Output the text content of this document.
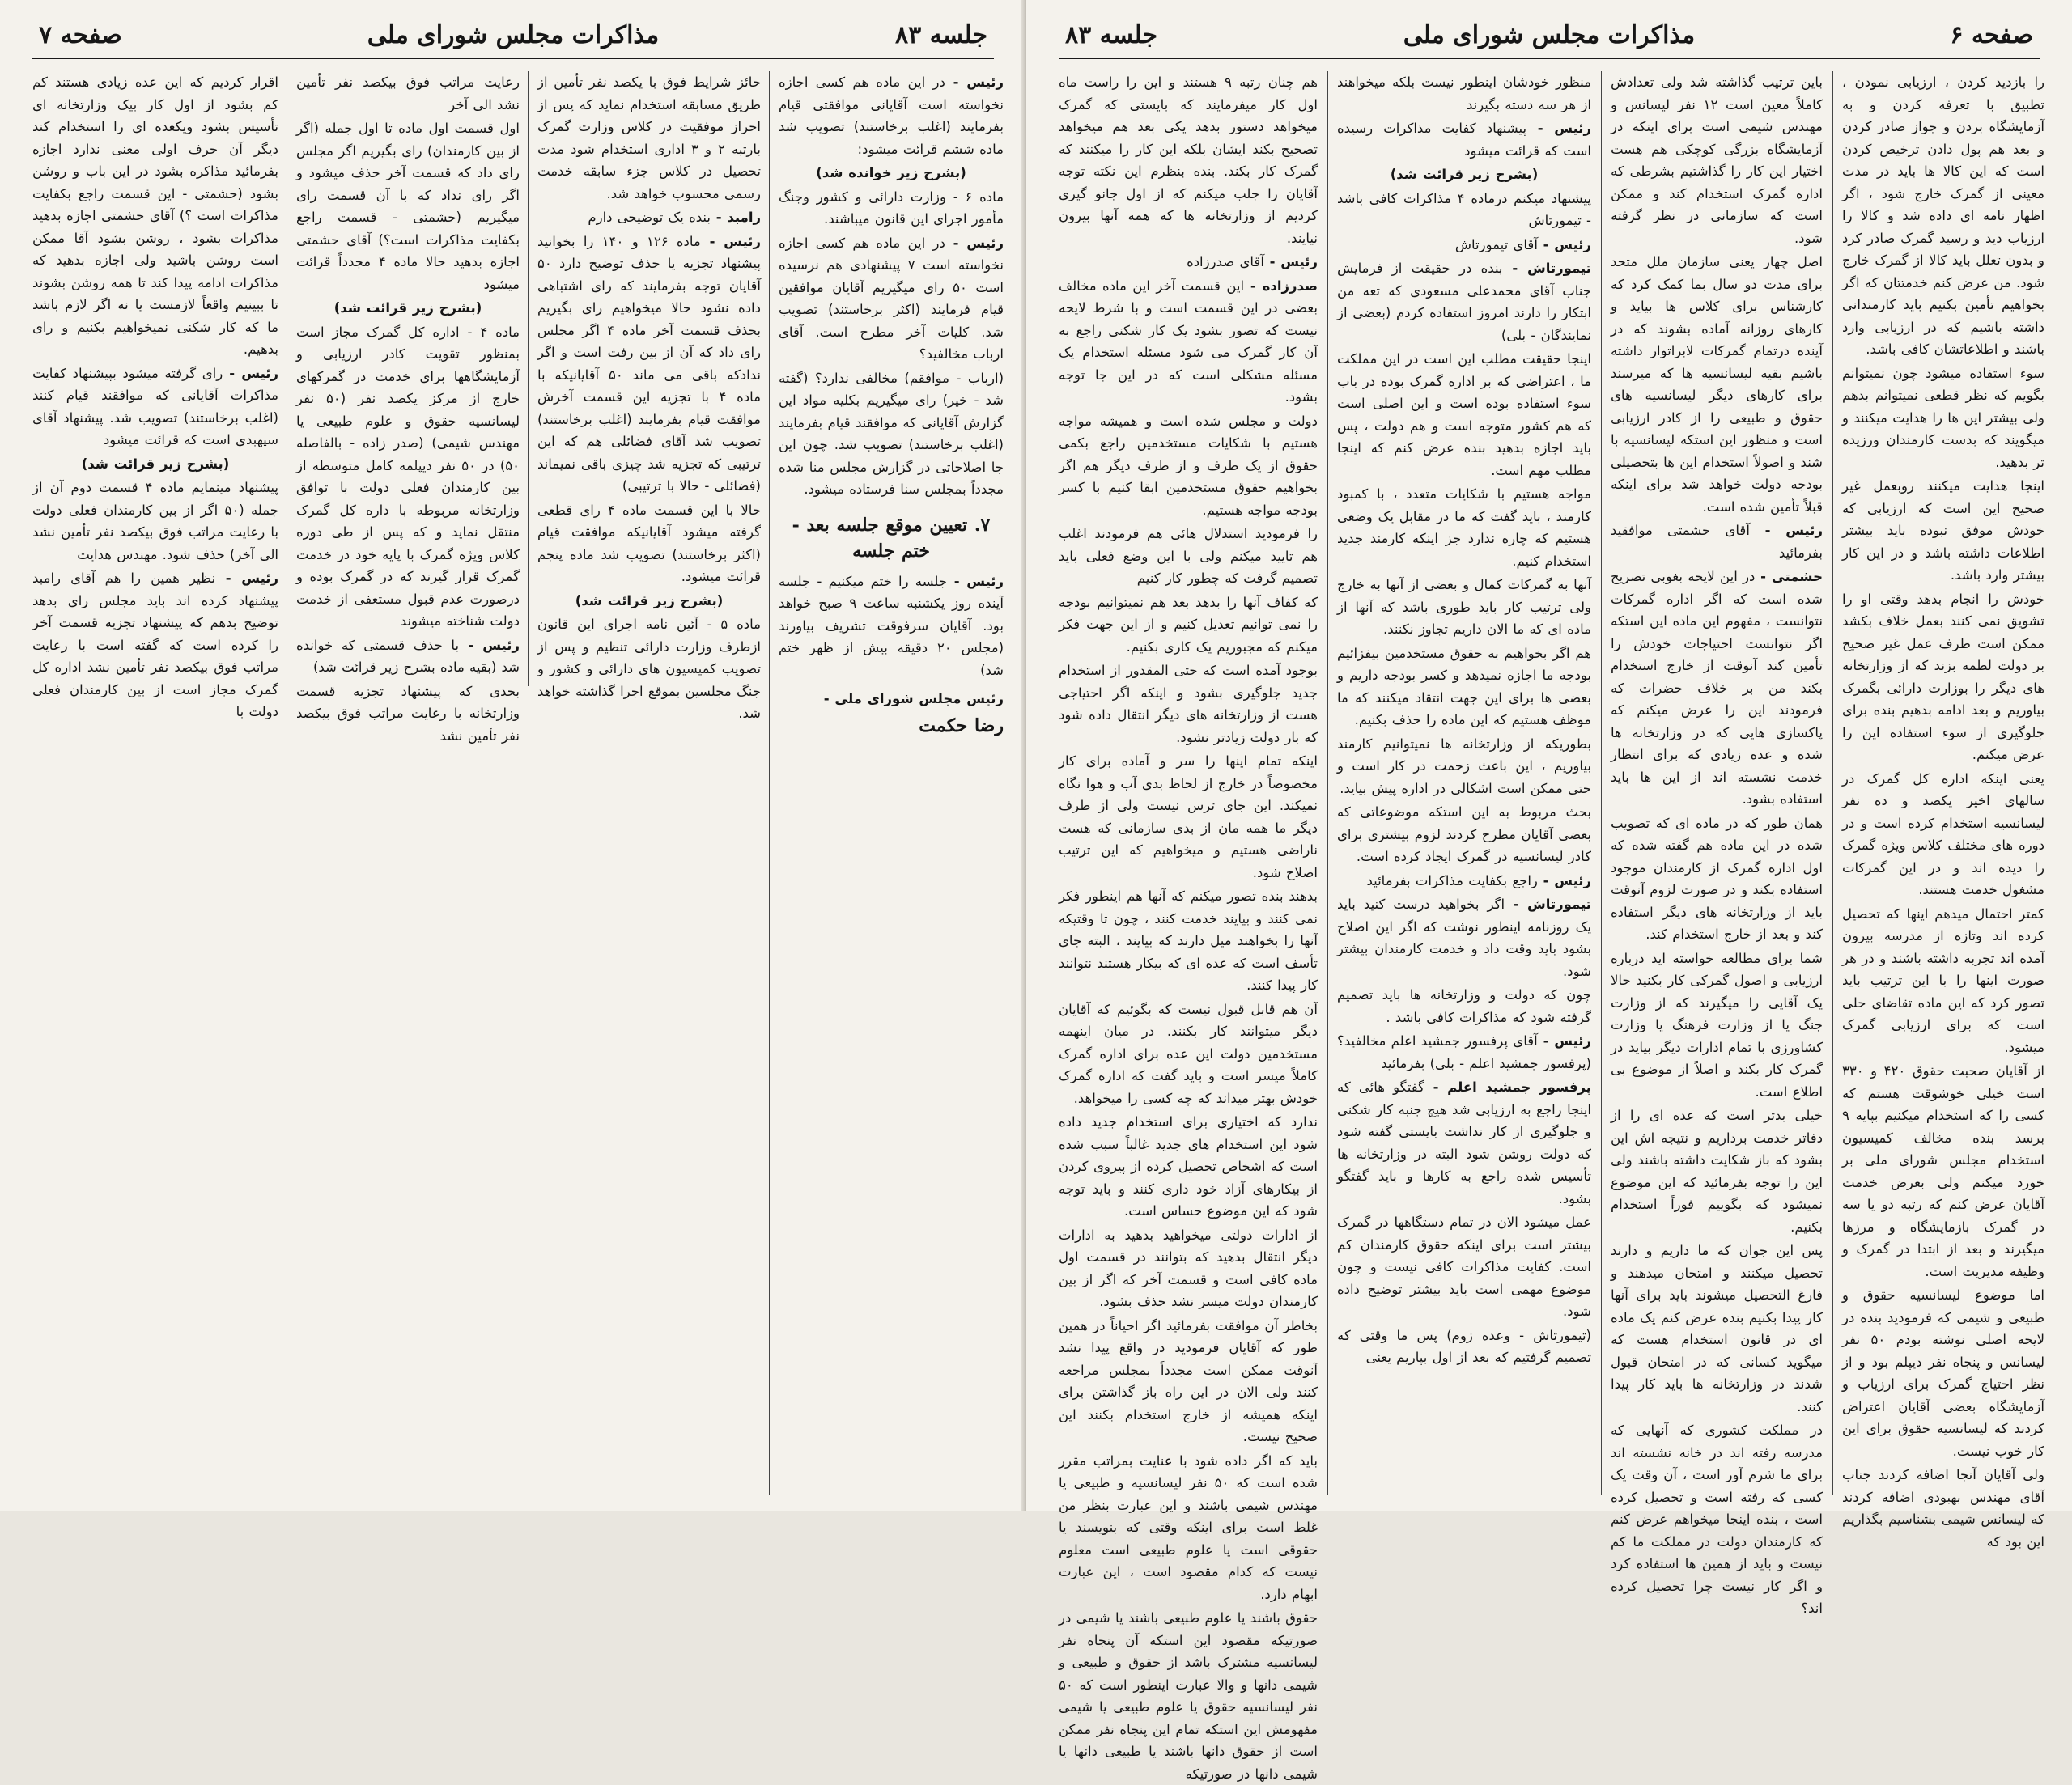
جلسه ۸۳
مذاکرات مجلس شورای ملی
صفحه ۷

رئیس - در این ماده هم کسی اجازه نخواسته است آقایانی موافقتی قیام بفرمایند (اغلب برخاستند) تصویب شد ماده ششم قرائت میشود:

(بشرح زیر خوانده شد)

ماده ۶ - وزارت دارائی و کشور وجنگ مأمور اجرای این قانون میباشند.

رئیس - در این ماده هم کسی اجازه نخواسته است ۷ پیشنهادی هم نرسیده است ۵۰ رای میگیریم آقایان موافقین قیام فرمایند (اکثر برخاستند) تصویب شد. کلیات آخر مطرح است. آقای ارباب مخالفید؟

(ارباب - موافقم) مخالفی ندارد؟ (گفته شد - خیر) رای میگیریم بکلیه مواد این گزارش آقایانی که موافقند قیام بفرمایند (اغلب برخاستند) تصویب شد. چون این جا اصلاحاتی در گزارش مجلس منا شده مجدداً بمجلس سنا فرستاده میشود.

۷. تعیین موقع جلسه بعد - ختم جلسه

رئیس - جلسه را ختم میکنیم - جلسه آینده روز یکشنبه ساعت ۹ صبح خواهد بود. آقایان سرفوقت تشریف بیاورند (مجلس ۲۰ دقیقه بیش از ظهر ختم شد)

رئیس مجلس شورای ملی -
رضا حکمت

حائز شرایط فوق با یکصد نفر تأمین از طریق مسابقه استخدام نماید که پس از احراز موفقیت در کلاس وزارت گمرک بارتبه ۲ و ۳ اداری استخدام شود مدت تحصیل در کلاس جزء سابقه خدمت رسمی محسوب خواهد شد.

رامبد - بنده یک توضیحی دارم

رئیس - ماده ۱۲۶ و ۱۴۰ را بخوانید پیشنهاد تجزیه یا حذف توضیح دارد ۵۰ آقایان توجه بفرمایند که رای اشتباهی داده نشود حالا میخواهیم رای بگیریم بحذف قسمت آخر ماده ۴ اگر مجلس رای داد که آن از بین رفت است و اگر ندادکه باقی می ماند ۵۰ آقایانیکه با ماده ۴ با تجزیه این قسمت آخرش موافقت قیام بفرمایند (اغلب برخاستند) تصویب شد آقای فضائلی هم که این ترتیبی که تجزیه شد چیزی باقی نمیماند (فضائلی - حالا با ترتیبی)

حالا با این قسمت ماده ۴ رای قطعی گرفته میشود آقایانیکه موافقت قیام (اکثر برخاستند) تصویب شد ماده پنجم قرائت میشود.

(بشرح زیر قرائت شد)

ماده ۵ - آئین نامه اجرای این قانون ازطرف وزارت دارائی تنظیم و پس از تصویب کمیسیون های دارائی و کشور و جنگ مجلسین بموقع اجرا گذاشته خواهد شد.

رعایت مراتب فوق بیکصد نفر تأمین نشد الی آخر

اول قسمت اول ماده تا اول جمله (اگر از بین کارمندان) رای بگیریم اگر مجلس رای داد که قسمت آخر حذف میشود و اگر رای نداد که با آن قسمت رای میگیریم (حشمتی - قسمت راجع بکفایت مذاکرات است؟) آقای حشمتی اجازه بدهید حالا ماده ۴ مجدداً قرائت میشود

(بشرح زیر قرائت شد)

ماده ۴ - اداره کل گمرک مجاز است بمنظور تقویت کادر ارزیابی و آزمایشگاهها برای خدمت در گمرکهای خارج از مرکز یکصد نفر (۵۰ نفر لیسانسیه حقوق و علوم طبیعی یا مهندس شیمی) (صدر زاده - بالفاصله ۵۰) در ۵۰ نفر دیپلمه کامل متوسطه از بین کارمندان فعلی دولت با توافق وزارتخانه مربوطه با داره کل گمرک منتقل نماید و که پس از طی دوره کلاس ویژه گمرک با پایه خود در خدمت گمرک قرار گیرند که در گمرک بوده و درصورت عدم قبول مستعفی از خدمت دولت شناخته میشوند

رئیس - با حذف قسمتی که خوانده شد (بقیه ماده بشرح زیر قرائت شد)

بحدی که پیشنهاد تجزیه قسمت وزارتخانه با رعایت مراتب فوق بیکصد نفر تأمین نشد

اقرار کردیم که این عده زیادی هستند کم کم بشود از اول کار بیک وزارتخانه ای تأسیس بشود ویکعده ای را استخدام کند دیگر آن حرف اولی معنی ندارد اجازه بفرمائید مذاکره بشود در این باب و روشن بشود (حشمتی - این قسمت راجع بکفایت مذاکرات است ؟) آقای حشمتی اجازه بدهید مذاکرات بشود ، روشن بشود آقا ممکن است روشن باشید ولی اجازه بدهید که مذاکرات ادامه پیدا کند تا همه روشن بشوند تا ببینیم واقعاً لازمست یا نه اگر لازم باشد ما که کار شکنی نمیخواهیم بکنیم و رای بدهیم.

رئیس - رای گرفته میشود بپیشنهاد کفایت مذاکرات آقایانی که موافقند قیام کنند (اغلب برخاستند) تصویب شد. پیشنهاد آقای سپهبدی است که قرائت میشود

(بشرح زیر قرائت شد)

پیشنهاد مینمایم ماده ۴ قسمت دوم آن از جمله (۵۰ اگر از بین کارمندان فعلی دولت با رعایت مراتب فوق بیکصد نفر تأمین نشد الی آخر) حذف شود. مهندس هدایت

رئیس - نظیر همین را هم آقای رامبد پیشنهاد کرده اند باید مجلس رای بدهد توضیح بدهم که پیشنهاد تجزیه قسمت آخر را کرده است که گفته است با رعایت مراتب فوق بیکصد نفر تأمین نشد اداره کل گمرک مجاز است از بین کارمندان فعلی دولت با

صفحه ۶
مذاکرات مجلس شورای ملی
جلسه ۸۳

را بازدید کردن ، ارزیابی نمودن ، تطبیق با تعرفه کردن و به آزمایشگاه بردن و جواز صادر کردن و بعد هم پول دادن ترخیص کردن است که این کالا ها باید در مدت معینی از گمرک خارج شود ، اگر اظهار نامه ای داده شد و کالا را ارزیاب دید و رسید گمرک صادر کرد و بدون تعلل باید کالا از گمرک خارج شود. من عرض کنم خدمتتان که اگر بخواهیم تأمین بکنیم باید کارمندانی داشته باشیم که در ارزیابی وارد باشند و اطلاعاتشان کافی باشد.

سوء استفاده میشود چون نمیتوانم بگویم که نظر قطعی نمیتوانم بدهم ولی بیشتر این ها را هدایت میکنند و میگویند که بدست کارمندان ورزیده تر بدهید.

اینجا هدایت میکنند روبعمل غیر صحیح این است که ارزیابی که خودش موفق نبوده باید بیشتر اطلاعات داشته باشد و در این کار بیشتر وارد باشد.

خودش را انجام بدهد وقتی او را تشویق نمی کنند بعمل خلاف بکشد ممکن است طرف عمل غیر صحیح بر دولت لطمه بزند که از وزارتخانه های دیگر را بوزارت دارائی بگمرک بیاوریم و بعد ادامه بدهیم بنده برای جلوگیری از سوء استفاده این را عرض میکنم.

یعنی اینکه اداره کل گمرک در سالهای اخیر یکصد و ده نفر لیسانسیه استخدام کرده است و در دوره های مختلف کلاس ویژه گمرک را دیده اند و در این گمرکات مشغول خدمت هستند.

کمتر احتمال میدهم اینها که تحصیل کرده اند وتازه از مدرسه بیرون آمده اند تجربه داشته باشند و در هر صورت اینها را با این ترتیب باید تصور کرد که این ماده تقاضای حلی است که برای ارزیابی گمرک میشود.

از آقایان صحبت حقوق ۴۲۰ و ۳۳۰ است خیلی خوشوقت هستم که کسی را که استخدام میکنیم بپایه ۹ برسد بنده مخالف کمیسیون استخدام مجلس شورای ملی بر خورد میکنم ولی بعرض خدمت آقایان عرض کنم که رتبه دو یا سه در گمرک بازمایشگاه و مرزها میگیرند و بعد از ابتدا در گمرک و وظیفه مدیریت است.

اما موضوع لیسانسیه حقوق و طبیعی و شیمی که فرمودید بنده در لایحه اصلی نوشته بودم ۵۰ نفر لیسانس و پنجاه نفر دیپلم بود و از نظر احتیاج گمرک برای ارزیاب و آزمایشگاه بعضی آقایان اعتراض کردند که لیسانسیه حقوق برای این کار خوب نیست.

ولی آقایان آنجا اضافه کردند جناب آقای مهندس بهبودی اضافه کردند که لیسانس شیمی بشناسیم بگذاریم این بود که

باین ترتیب گذاشته شد ولی تعدادش کاملاً معین است ۱۲ نفر لیسانس و مهندس شیمی است برای اینکه در آزمایشگاه بزرگی کوچکی هم هست اختیار این کار را گذاشتیم بشرطی که اداره گمرک استخدام کند و ممکن است که سازمانی در نظر گرفته شود.

اصل چهار یعنی سازمان ملل متحد برای مدت دو سال بما کمک کرد که کارشناس برای کلاس ها بیاید و کارهای روزانه آماده بشوند که در آینده درتمام گمرکات لابراتوار داشته باشیم بقیه لیسانسیه ها که میرسند برای کارهای دیگر لیسانسیه های حقوق و طبیعی را از کادر ارزیابی است و منظور این استکه لیسانسیه با شند و اصولاً استخدام این ها بتحصیلی بودجه دولت خواهد شد برای اینکه قبلاً تأمین شده است.

رئیس - آقای حشمتی موافقید بفرمائید

حشمتی - در این لایحه بغوبی تصریح شده است که اگر اداره گمرکات نتوانست ، مفهوم این ماده این استکه اگر نتوانست احتیاجات خودش را تأمین کند آنوقت از خارج استخدام بکند من بر خلاف حضرات که فرمودند این را عرض میکنم که پاکسازی هایی که در وزارتخانه ها شده و عده زیادی که برای انتظار خدمت نشسته اند از این ها باید استفاده بشود.

همان طور که در ماده ای که تصویب شده در این ماده هم گفته شده که اول اداره گمرک از کارمندان موجود استفاده بکند و در صورت لزوم آنوقت باید از وزارتخانه های دیگر استفاده کند و بعد از خارج استخدام کند.

شما برای مطالعه خواسته اید درباره ارزیابی و اصول گمرکی کار بکنید حالا یک آقایی را میگیرند که از وزارت جنگ یا از وزارت فرهنگ یا وزارت کشاورزی با تمام ادارات دیگر بیاید در گمرک کار بکند و اصلاً از موضوع بی اطلاع است.

خیلی بدتر است که عده ای را از دفاتر خدمت برداریم و نتیجه اش این بشود که باز شکایت داشته باشند ولی این را توجه بفرمائید که این موضوع نمیشود که بگوییم فوراً استخدام بکنیم.

پس این جوان که ما داریم و دارند تحصیل میکنند و امتحان میدهند و فارغ التحصیل میشوند باید برای آنها کار پیدا بکنیم بنده عرض کنم یک ماده ای در قانون استخدام هست که میگوید کسانی که در امتحان قبول شدند در وزارتخانه ها باید کار پیدا کنند.

در مملکت کشوری که آنهایی که مدرسه رفته اند در خانه نشسته اند برای ما شرم آور است ، آن وقت یک کسی که رفته است و تحصیل کرده است ، بنده اینجا میخواهم عرض کنم که کارمندان دولت در مملکت ما کم نیست و باید از همین ها استفاده کرد و اگر کار نیست چرا تحصیل کرده اند؟

منظور خودشان اینطور نیست بلکه میخواهند از هر سه دسته بگیرند

رئیس - پیشنهاد کفایت مذاکرات رسیده است که قرائت میشود

(بشرح زیر قرائت شد)

پیشنهاد میکنم درماده ۴ مذاکرات کافی باشد - تیمورتاش

رئیس - آقای تیمورتاش

تیمورتاش - بنده در حقیقت از فرمایش جناب آقای محمدعلی مسعودی که تعه من ابتکار را دارند امروز استفاده کردم (بعضی از نمایندگان - بلی)

اینجا حقیقت مطلب این است در این مملکت ما ، اعتراضی که بر اداره گمرک بوده در باب سوء استفاده بوده است و این اصلی است که هم کشور متوجه است و هم دولت ، پس باید اجازه بدهید بنده عرض کنم که اینجا مطلب مهم است.

مواجه هستیم با شکایات متعدد ، با کمبود کارمند ، باید گفت که ما در مقابل یک وضعی هستیم که چاره ندارد جز اینکه کارمند جدید استخدام کنیم.

آنها به گمرکات کمال و بعضی از آنها به خارج ولی ترتیب کار باید طوری باشد که آنها از ماده ای که ما الان داریم تجاوز نکنند.

هم اگر بخواهیم به حقوق مستخدمین بیفزائیم بودجه ما اجازه نمیدهد و کسر بودجه داریم و بعضی ها برای این جهت انتقاد میکنند که ما موظف هستیم که این ماده را حذف بکنیم.

بطوریکه از وزارتخانه ها نمیتوانیم کارمند بیاوریم ، این باعث زحمت در کار است و حتی ممکن است اشکالی در اداره پیش بیاید.

بحث مربوط به این استکه موضوعاتی که بعضی آقایان مطرح کردند لزوم بیشتری برای کادر لیسانسیه در گمرک ایجاد کرده است.

رئیس - راجع بکفایت مذاکرات بفرمائید

تیمورتاش - اگر بخواهید درست کنید باید یک روزنامه اینطور نوشت که اگر این اصلاح بشود باید وقت داد و خدمت کارمندان بیشتر شود.

چون که دولت و وزارتخانه ها باید تصمیم گرفته شود که مذاکرات کافی باشد .

رئیس - آقای پرفسور جمشید اعلم مخالفید؟ (پرفسور جمشید اعلم - بلی) بفرمائید

پرفسور جمشید اعلم - گفتگو هائی که اینجا راجع به ارزیابی شد هیچ جنبه کار شکنی و جلوگیری از کار نداشت بایستی گفته شود که دولت روشن شود البته در وزارتخانه ها تأسیس شده راجع به کارها و باید گفتگو بشود.

عمل میشود الان در تمام دستگاهها در گمرک بیشتر است برای اینکه حقوق کارمندان کم است. کفایت مذاکرات کافی نیست و چون موضوع مهمی است باید بیشتر توضیح داده شود.

(تیمورتاش - وعده زوم) پس ما وقتی که تصمیم گرفتیم که بعد از اول بپاریم یعنی

هم چنان رتبه ۹ هستند و این را راست ماه اول کار میفرمایند که بایستی که گمرک میخواهد دستور بدهد یکی بعد هم میخواهد تصحیح بکند ایشان بلکه این کار را میکنند که گمرک کار بکند. بنده بنظرم این نکته توجه آقایان را جلب میکنم که از اول جانو گیری کردیم از وزارتخانه ها که همه آنها بیرون نیایند.

رئیس - آقای صدرزاده

صدرزاده - این قسمت آخر این ماده مخالف بعضی در این قسمت است و با شرط لایحه نیست که تصور بشود یک کار شکنی راجع به آن کار گمرک می شود مسئله استخدام یک مسئله مشکلی است که در این جا توجه بشود.

دولت و مجلس شده است و همیشه مواجه هستیم با شکایات مستخدمین راجع بکمی حقوق از یک طرف و از طرف دیگر هم اگر بخواهیم حقوق مستخدمین ابقا کنیم با کسر بودجه مواجه هستیم.

را فرمودید استدلال هائی هم فرمودند اغلب هم تایید میکنم ولی با این وضع فعلی باید تصمیم گرفت که چطور کار کنیم

که کفاف آنها را بدهد بعد هم نمیتوانیم بودجه را نمی توانیم تعدیل کنیم و از این جهت فکر میکنم که مجبوریم یک کاری بکنیم.

بوجود آمده است که حتی المقدور از استخدام جدید جلوگیری بشود و اینکه اگر احتیاجی هست از وزارتخانه های دیگر انتقال داده شود که بار دولت زیادتر نشود.

اینکه تمام اینها را سر و آماده برای کار مخصوصاً در خارج از لحاظ بدی آب و هوا نگاه نمیکند. این جای ترس نیست ولی از طرف دیگر ما همه مان از بدی سازمانی که هست ناراضی هستیم و میخواهیم که این ترتیب اصلاح شود.

بدهند بنده تصور میکنم که آنها هم اینطور فکر نمی کنند و بیایند خدمت کنند ، چون تا وقتیکه آنها را بخواهند میل دارند که بیایند ، البته جای تأسف است که عده ای که بیکار هستند نتوانند کار پیدا کنند.

آن هم قابل قبول نیست که بگوئیم که آقایان دیگر میتوانند کار بکنند. در میان اینهمه مستخدمین دولت این عده برای اداره گمرک کاملاً میسر است و باید گفت که اداره گمرک خودش بهتر میداند که چه کسی را میخواهد.

ندارد که اختیاری برای استخدام جدید داده شود این استخدام های جدید غالباً سبب شده است که اشخاص تحصیل کرده از پیروی کردن از بیکارهای آزاد خود داری کنند و باید توجه شود که این موضوع حساس است.

از ادارات دولتی میخواهید بدهید به ادارات دیگر انتقال بدهید که بتوانند در قسمت اول ماده کافی است و قسمت آخر که اگر از بین کارمندان دولت میسر نشد حذف بشود.

بخاطر آن موافقت بفرمائید اگر احیاناً در همین طور که آقایان فرمودید در واقع پیدا نشد آنوقت ممکن است مجدداً بمجلس مراجعه کنند ولی الان در این راه باز گذاشتن برای اینکه همیشه از خارج استخدام بکنند این صحیح نیست.

باید که اگر داده شود با عنایت بمراتب مقرر شده است که ۵۰ نفر لیسانسیه و طبیعی یا مهندس شیمی باشند و این عبارت بنظر من غلط است برای اینکه وقتی که بنویسند یا حقوقی است یا علوم طبیعی است معلوم نیست که کدام مقصود است ، این عبارت ابهام دارد.

حقوق باشند یا علوم طبیعی باشند یا شیمی در صورتیکه مقصود این استکه آن پنجاه نفر لیسانسیه مشترک باشد از حقوق و طبیعی و شیمی دانها و والا عبارت اینطور است که ۵۰ نفر لیسانسیه حقوق یا علوم طبیعی یا شیمی مفهومش این استکه تمام این پنجاه نفر ممکن است از حقوق دانها باشند یا طبیعی دانها یا شیمی دانها در صورتیکه
